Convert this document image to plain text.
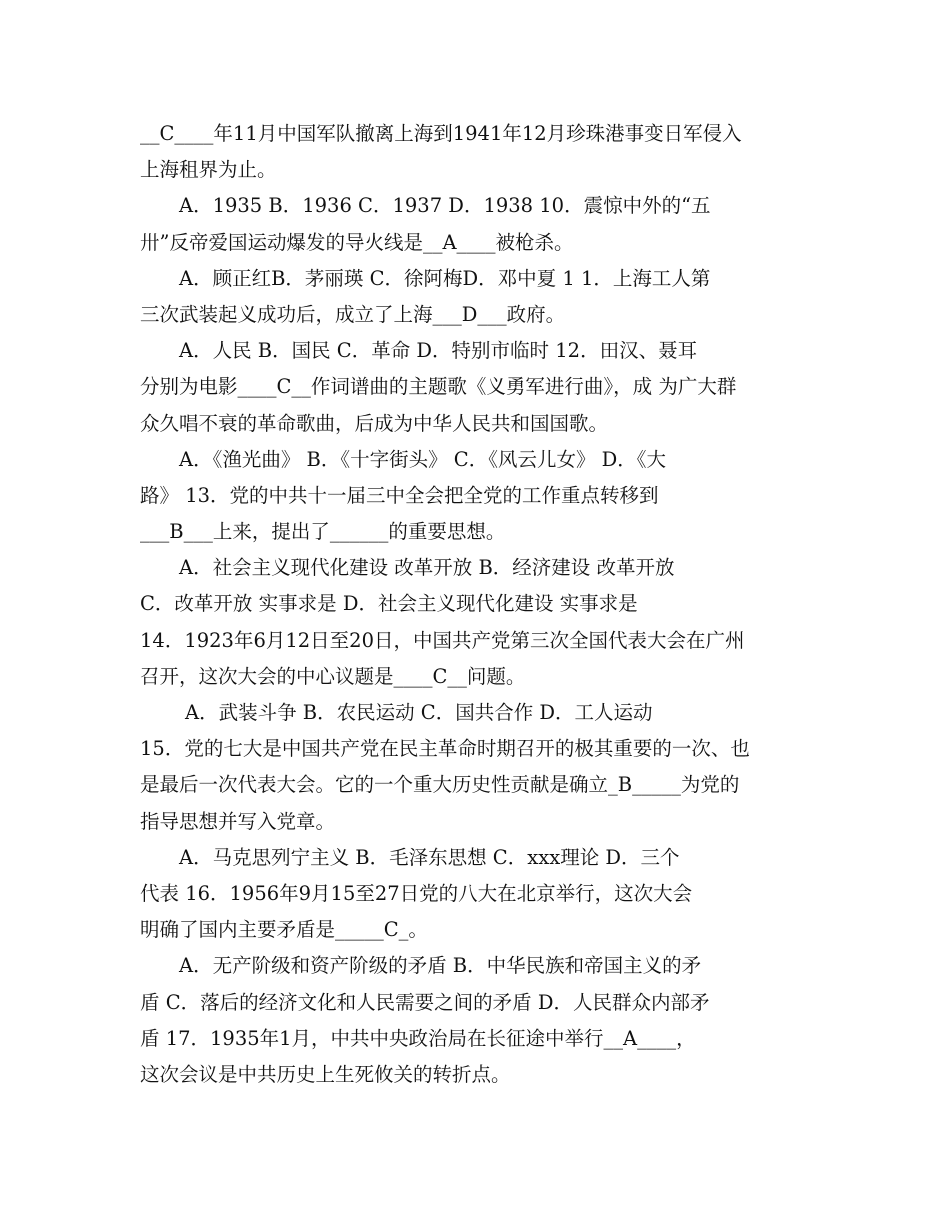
__C____年11月中国军队撤离上海到1941年12月珍珠港事变日军侵入
上海租界为止。
A．1935 B．1936 C．1937 D．1938 10．震惊中外的“五
卅”反帝爱国运动爆发的导火线是__A____被枪杀。
A．顾正红B．茅丽瑛 C．徐阿梅D．邓中夏 1 1．上海工人第
三次武装起义成功后，成立了上海___D___政府。
A．人民 B．国民 C．革命 D．特别市临时 12．田汉、聂耳
分别为电影____C__作词谱曲的主题歌《义勇军进行曲》，成 为广大群
众久唱不衰的革命歌曲，后成为中华人民共和国国歌。
A．《渔光曲》 B．《十字街头》 C．《风云儿女》 D．《大
路》 13．党的中共十一届三中全会把全党的工作重点转移到
___B___上来，提出了______的重要思想。
A．社会主义现代化建设 改革开放 B．经济建设 改革开放
C．改革开放 实事求是 D．社会主义现代化建设 实事求是
14．1923年6月12日至20日，中国共产党第三次全国代表大会在广州
召开，这次大会的中心议题是____C__问题。
A．武装斗争 B．农民运动 C．国共合作 D．工人运动
15．党的七大是中国共产党在民主革命时期召开的极其重要的一次、也
是最后一次代表大会。它的一个重大历史性贡献是确立_B_____为党的
指导思想并写入党章。
A．马克思列宁主义 B．毛泽东思想 C．xxx理论 D．三个
代表 16．1956年9月15至27日党的八大在北京举行，这次大会
明确了国内主要矛盾是_____C_。
A．无产阶级和资产阶级的矛盾 B．中华民族和帝国主义的矛
盾 C．落后的经济文化和人民需要之间的矛盾 D．人民群众内部矛
盾 17．1935年1月，中共中央政治局在长征途中举行__A____，
这次会议是中共历史上生死攸关的转折点。
